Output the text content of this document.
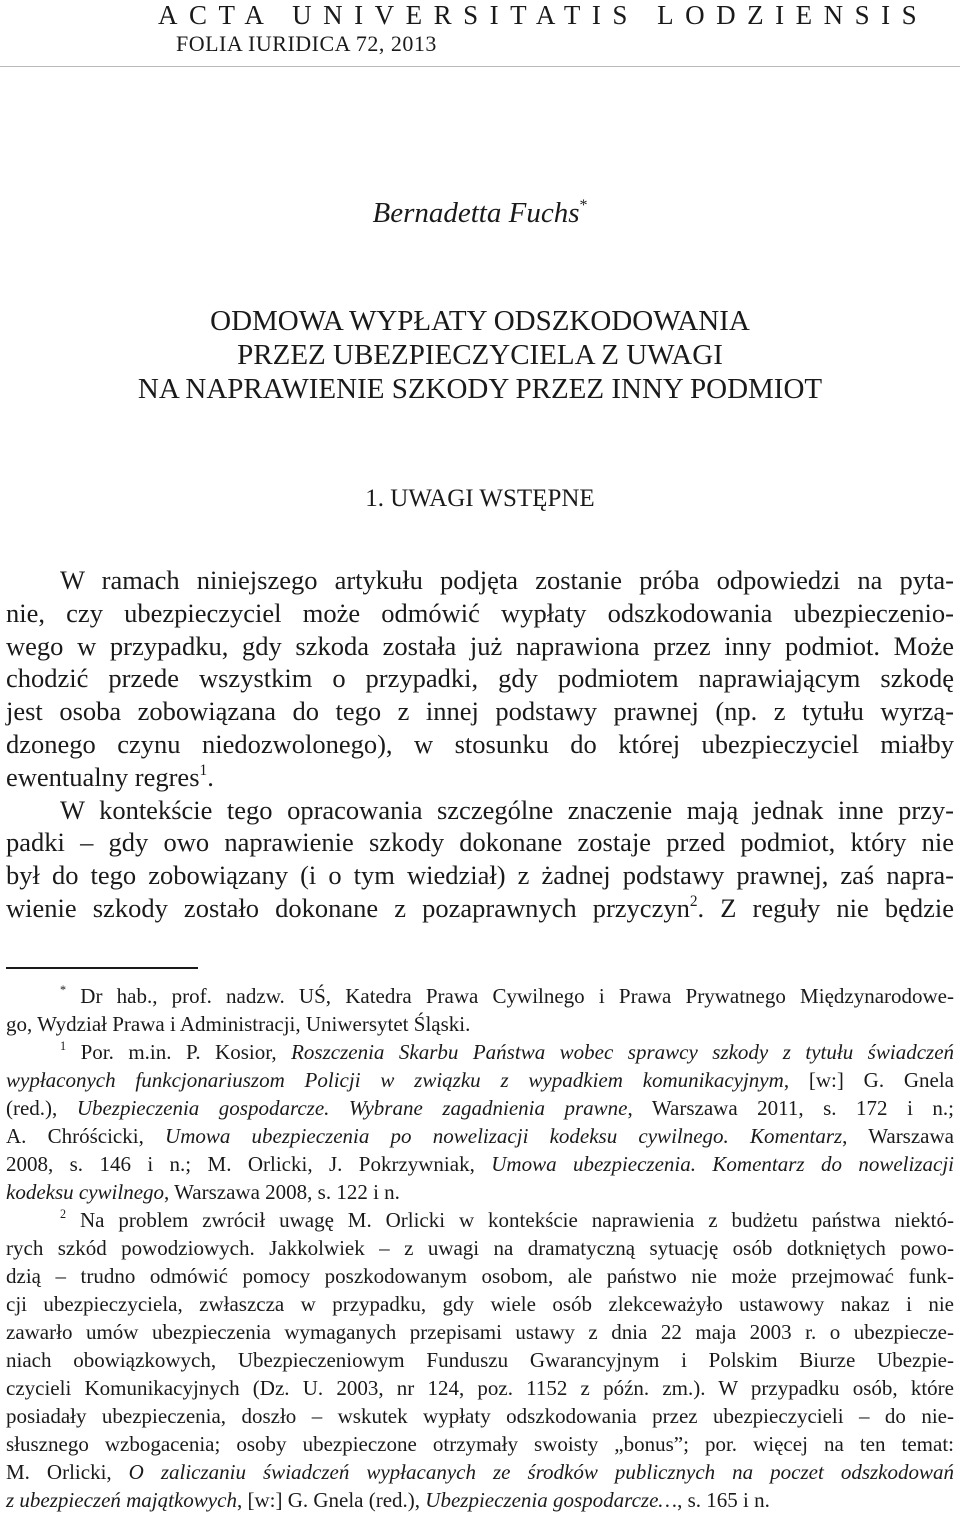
ACTA UNIVERSITATIS LODZIENSIS
FOLIA IURIDICA 72, 2013
Bernadetta Fuchs*
ODMOWA WYPŁATY ODSZKODOWANIA
PRZEZ UBEZPIECZYCIELA Z UWAGI
NA NAPRAWIENIE SZKODY PRZEZ INNY PODMIOT
1. UWAGI WSTĘPNE
W ramach niniejszego artykułu podjęta zostanie próba odpowiedzi na pyta-
nie, czy ubezpieczyciel może odmówić wypłaty odszkodowania ubezpieczenio-
wego w przypadku, gdy szkoda została już naprawiona przez inny podmiot. Może
chodzić przede wszystkim o przypadki, gdy podmiotem naprawiającym szkodę
jest osoba zobowiązana do tego z innej podstawy prawnej (np. z tytułu wyrzą-
dzonego czynu niedozwolonego), w stosunku do której ubezpieczyciel miałby
ewentualny regres$^1$.
W kontekście tego opracowania szczególne znaczenie mają jednak inne przy-
padki – gdy owo naprawienie szkody dokonane zostaje przed podmiot, który nie
był do tego zobowiązany (i o tym wiedział) z żadnej podstawy prawnej, zaś napra-
wienie szkody zostało dokonane z pozaprawnych przyczyn$^2$. Z reguły nie będzie
* Dr hab., prof. nadzw. UŚ, Katedra Prawa Cywilnego i Prawa Prywatnego Międzynarodowe-
go, Wydział Prawa i Administracji, Uniwersytet Śląski.
$^1$ Por. m.in. P. Kosior, Roszczenia Skarbu Państwa wobec sprawcy szkody z tytułu świadczeń
wypłaconych funkcjonariuszom Policji w związku z wypadkiem komunikacyjnym, [w:] G. Gnela
(red.), Ubezpieczenia gospodarcze. Wybrane zagadnienia prawne, Warszawa 2011, s. 172 i n.;
A. Chróścicki, Umowa ubezpieczenia po nowelizacji kodeksu cywilnego. Komentarz, Warszawa
2008, s. 146 i n.; M. Orlicki, J. Pokrzywniak, Umowa ubezpieczenia. Komentarz do nowelizacji
kodeksu cywilnego, Warszawa 2008, s. 122 i n.
$^2$ Na problem zwrócił uwagę M. Orlicki w kontekście naprawienia z budżetu państwa niektó-
rych szkód powodziowych. Jakkolwiek – z uwagi na dramatyczną sytuację osób dotkniętych powo-
dzią – trudno odmówić pomocy poszkodowanym osobom, ale państwo nie może przejmować funk-
cji ubezpieczyciela, zwłaszcza w przypadku, gdy wiele osób zlekceważyło ustawowy nakaz i nie
zawarło umów ubezpieczenia wymaganych przepisami ustawy z dnia 22 maja 2003 r. o ubezpiecze-
niach obowiązkowych, Ubezpieczeniowym Funduszu Gwarancyjnym i Polskim Biurze Ubezpie-
czycieli Komunikacyjnych (Dz. U. 2003, nr 124, poz. 1152 z późn. zm.). W przypadku osób, które
posiadały ubezpieczenia, doszło – wskutek wypłaty odszkodowania przez ubezpieczycieli – do nie-
słusznego wzbogacenia; osoby ubezpieczone otrzymały swoisty „bonus”; por. więcej na ten temat:
M. Orlicki, O zaliczaniu świadczeń wypłacanych ze środków publicznych na poczet odszkodowań
z ubezpieczeń majątkowych, [w:] G. Gnela (red.), Ubezpieczenia gospodarcze…, s. 165 i n.
